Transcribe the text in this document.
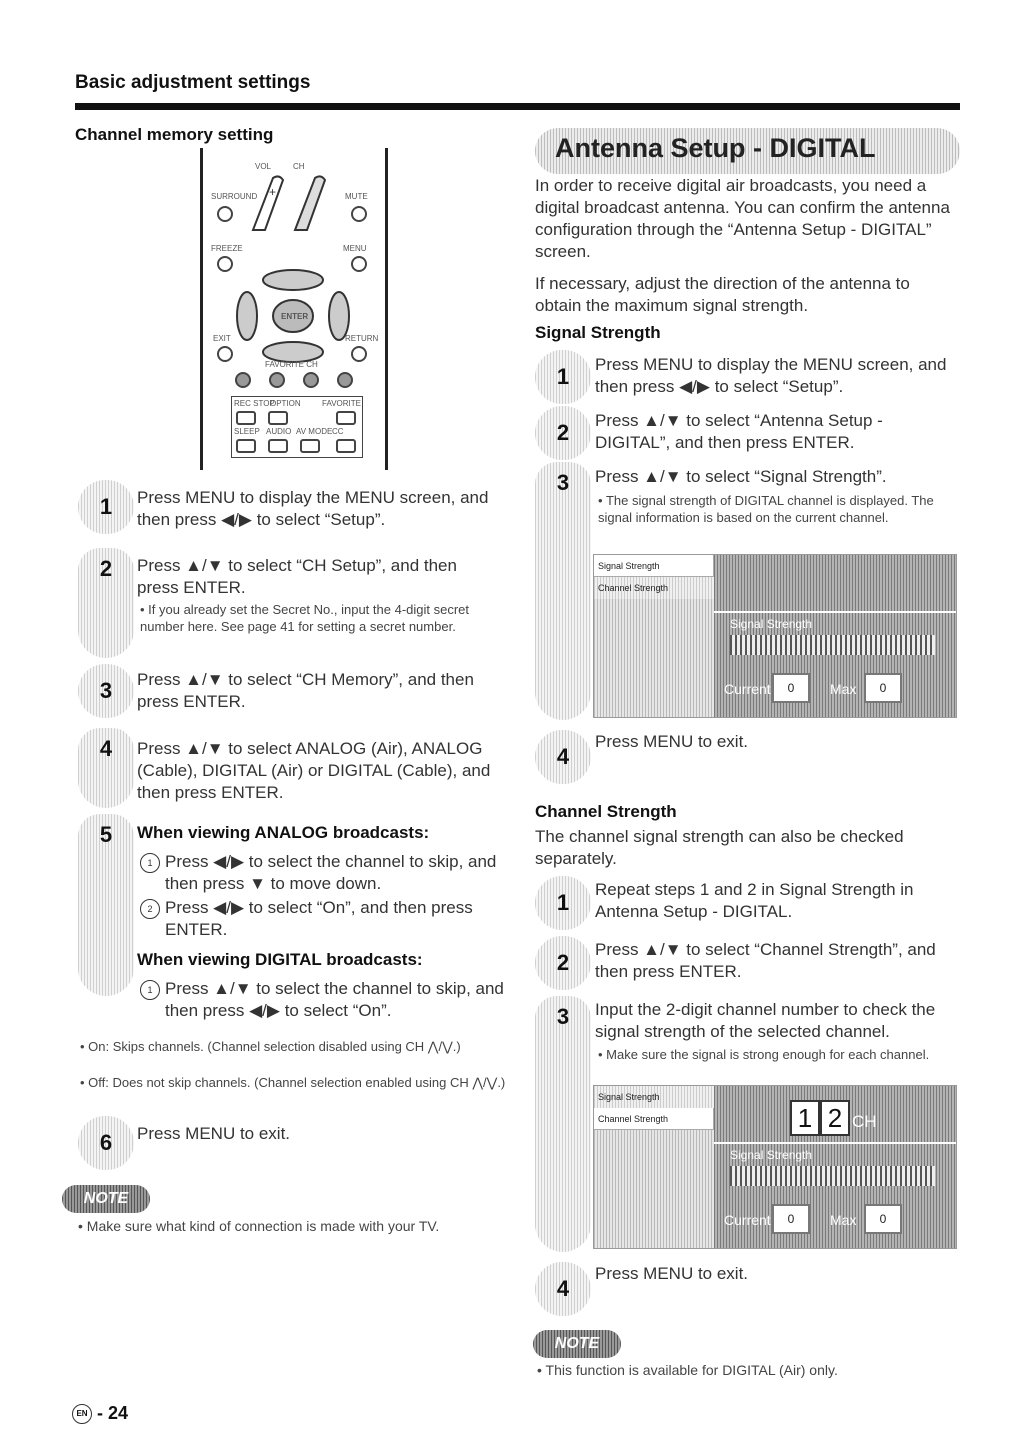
Basic adjustment settings
Channel memory setting
VOL	CH
+
SURROUND	MUTE
FREEZE	MENU
ENTER
EXIT	RETURN
FAVORITE CH
REC STOP
OPTION	FAVORITE
SLEEP AUDIO AV MODE CC
1	Press MENU to display the MENU screen, and then press ◀/▶ to select “Setup”.
2	Press ▲/▼ to select “CH Setup”, and then press ENTER.
• If you already set the Secret No., input the 4-digit secret number here. See page 41 for setting a secret number.
3	Press ▲/▼ to select “CH Memory”, and then press ENTER.
4	Press ▲/▼ to select ANALOG (Air), ANALOG (Cable), DIGITAL (Air) or DIGITAL (Cable), and then press ENTER.
5	When viewing ANALOG broadcasts:
1 Press ◀/▶ to select the channel to skip, and then press ▼ to move down.
2 Press ◀/▶ to select “On”, and then press ENTER.
When viewing DIGITAL broadcasts:
1 Press ▲/▼ to select the channel to skip, and then press ◀/▶ to select “On”.
• On: Skips channels. (Channel selection disabled using CH ⋀/⋁.)
• Off: Does not skip channels. (Channel selection enabled using CH ⋀/⋁.)
6	Press MENU to exit.
NOTE
• Make sure what kind of connection is made with your TV.
Antenna Setup - DIGITAL
In order to receive digital air broadcasts, you need a digital broadcast antenna. You can confirm the antenna configuration through the “Antenna Setup - DIGITAL” screen.
If necessary, adjust the direction of the antenna to obtain the maximum signal strength.
Signal Strength
1	Press MENU to display the MENU screen, and then press ◀/▶ to select “Setup”.
2	Press ▲/▼ to select “Antenna Setup - DIGITAL”, and then press ENTER.
3	Press ▲/▼ to select “Signal Strength”.
• The signal strength of DIGITAL channel is displayed. The signal information is based on the current channel.
Signal Strength
Channel Strength
Signal Strength
Current	0	Max	0
4
Press MENU to exit.
Channel Strength
The channel signal strength can also be checked separately.
1
Repeat steps 1 and 2 in Signal Strength in Antenna Setup - DIGITAL.
2
Press ▲/▼ to select “Channel Strength”, and then press ENTER.
3	Input the 2-digit channel number to check the signal strength of the selected channel.
• Make sure the signal is strong enough for each channel.
Signal Strength
Channel Strength	1 2 CH
Signal Strength
Current	0	Max	0
4
Press MENU to exit.
NOTE
• This function is available for DIGITAL (Air) only.
EN - 24
